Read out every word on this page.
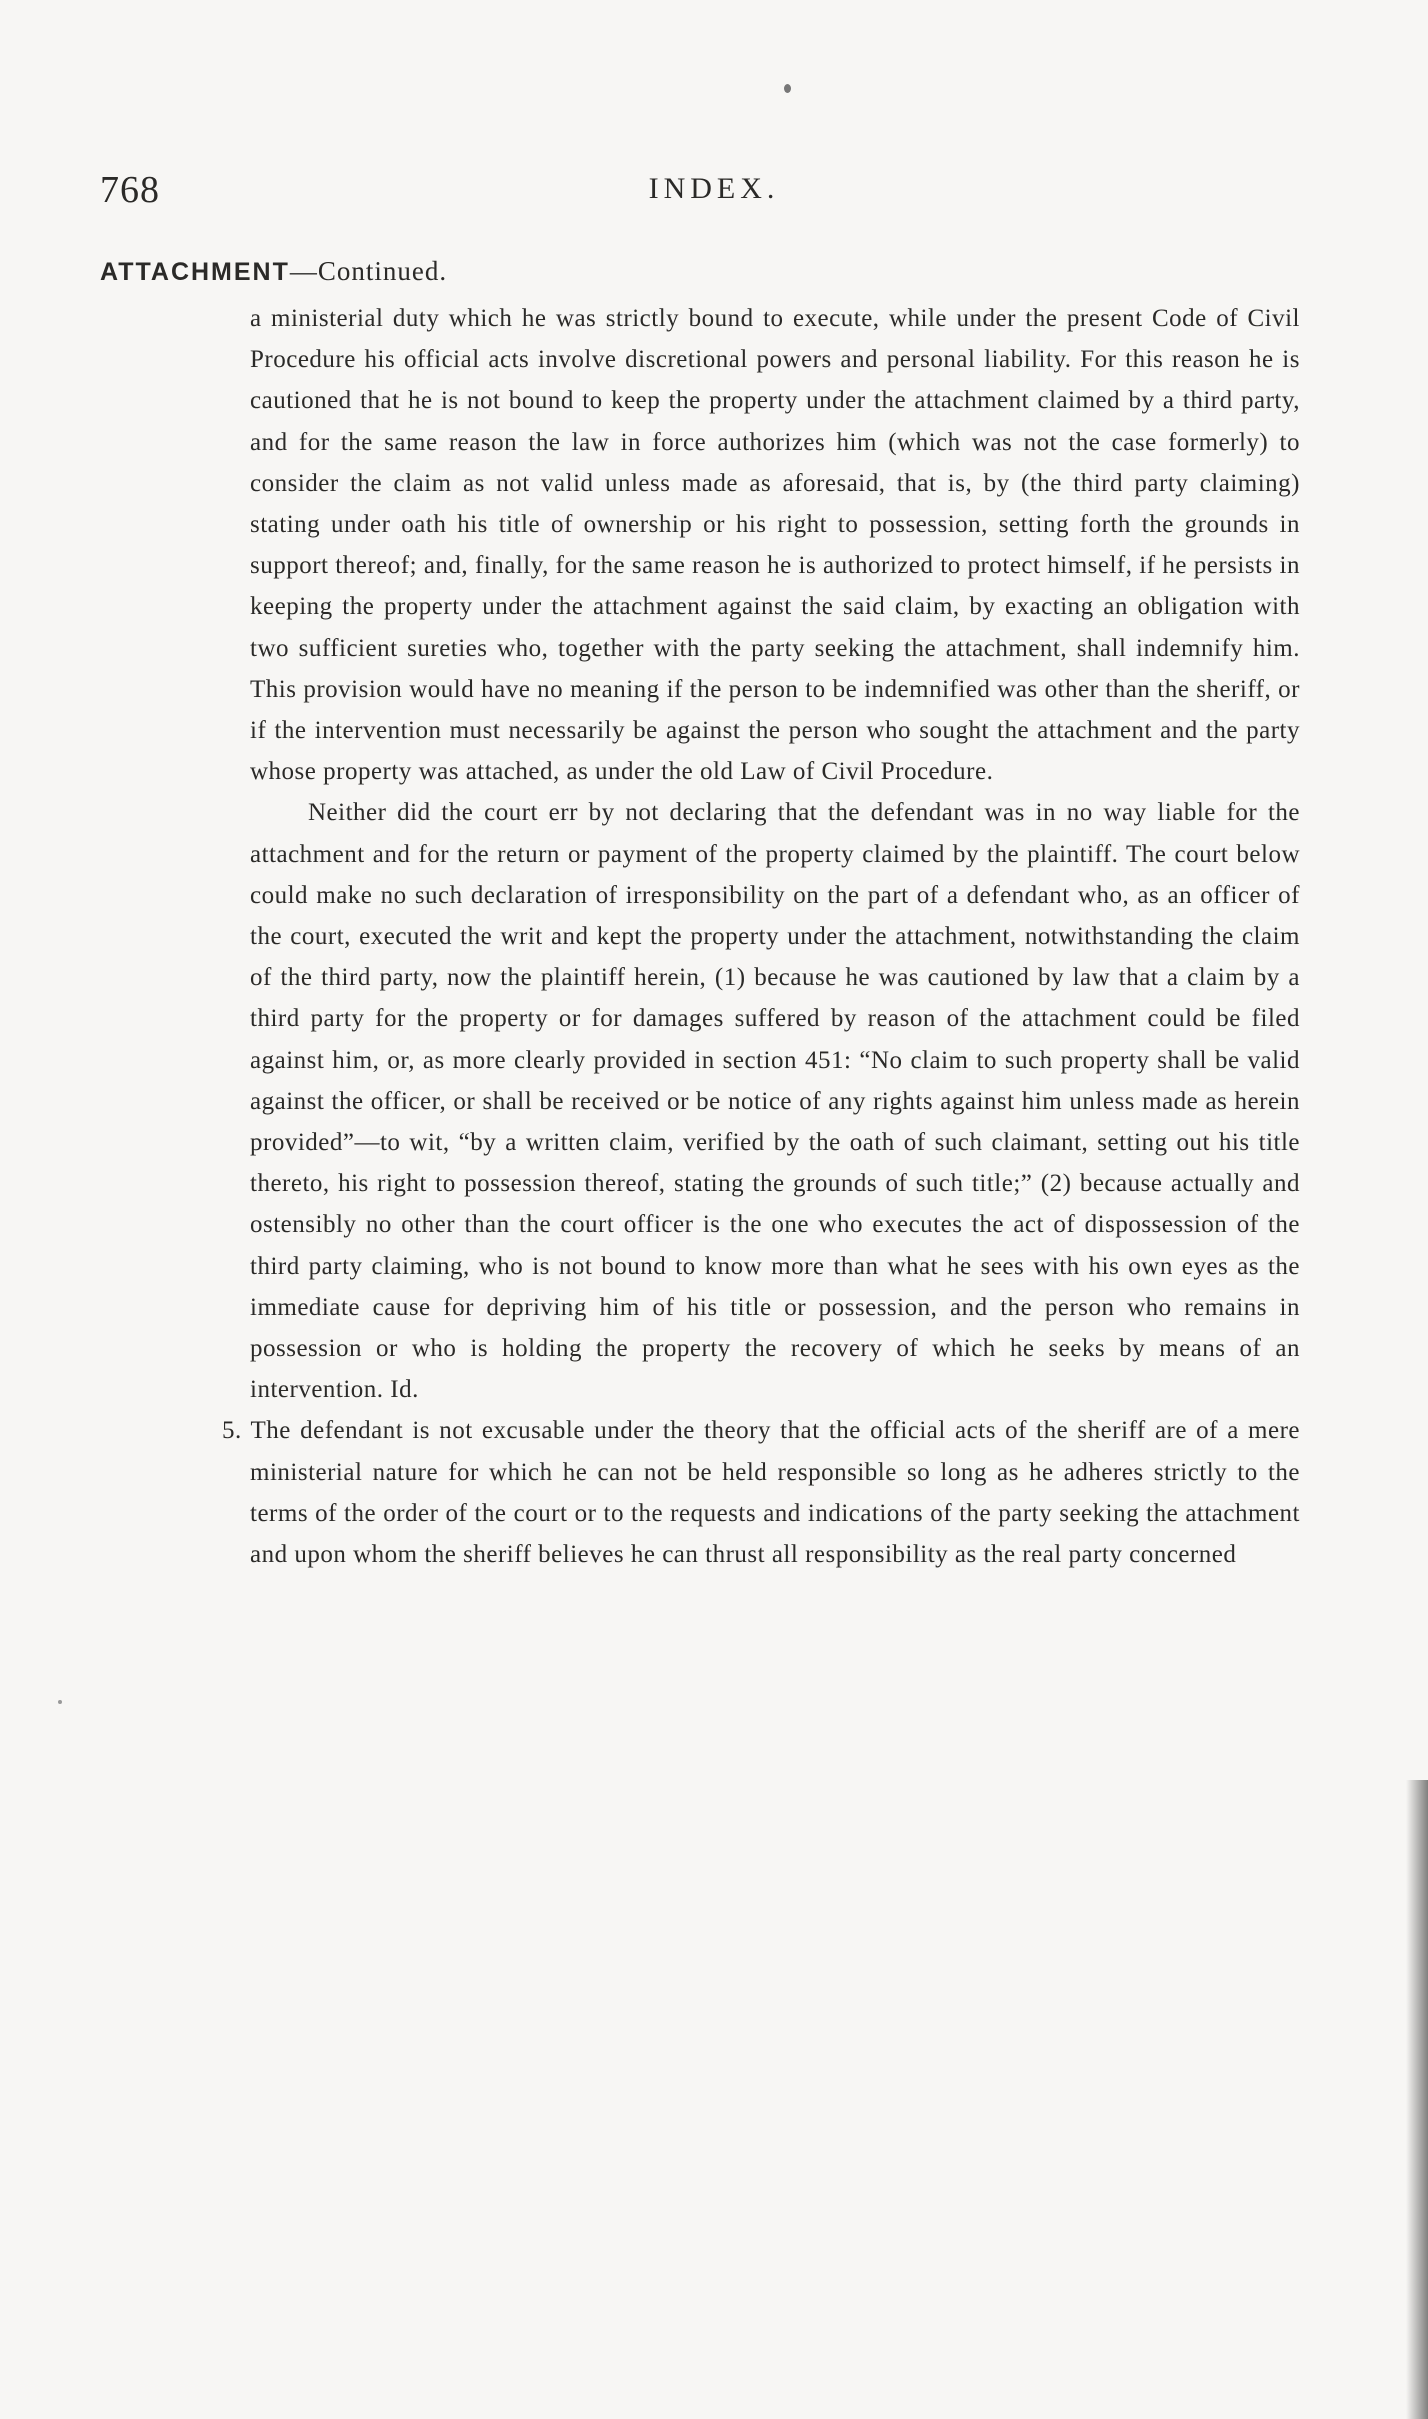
768	INDEX.
ATTACHMENT—Continued.

a ministerial duty which he was strictly bound to execute, while under the present Code of Civil Procedure his official acts involve discretional powers and personal liability. For this reason he is cautioned that he is not bound to keep the property under the attachment claimed by a third party, and for the same reason the law in force authorizes him (which was not the case formerly) to consider the claim as not valid unless made as aforesaid, that is, by (the third party claiming) stating under oath his title of ownership or his right to possession, setting forth the grounds in support thereof; and, finally, for the same reason he is authorized to protect himself, if he persists in keeping the property under the attachment against the said claim, by exacting an obligation with two sufficient sureties who, together with the party seeking the attachment, shall indemnify him. This provision would have no meaning if the person to be indemnified was other than the sheriff, or if the intervention must necessarily be against the person who sought the attachment and the party whose property was attached, as under the old Law of Civil Procedure.

Neither did the court err by not declaring that the defendant was in no way liable for the attachment and for the return or payment of the property claimed by the plaintiff. The court below could make no such declaration of irresponsibility on the part of a defendant who, as an officer of the court, executed the writ and kept the property under the attachment, notwithstanding the claim of the third party, now the plaintiff herein, (1) because he was cautioned by law that a claim by a third party for the property or for damages suffered by reason of the attachment could be filed against him, or, as more clearly provided in section 451: “No claim to such property shall be valid against the officer, or shall be received or be notice of any rights against him unless made as herein provided”—to wit, “by a written claim, verified by the oath of such claimant, setting out his title thereto, his right to possession thereof, stating the grounds of such title;” (2) because actually and ostensibly no other than the court officer is the one who executes the act of dispossession of the third party claiming, who is not bound to know more than what he sees with his own eyes as the immediate cause for depriving him of his title or possession, and the person who remains in possession or who is holding the property the recovery of which he seeks by means of an intervention. Id.

5. The defendant is not excusable under the theory that the official acts of the sheriff are of a mere ministerial nature for which he can not be held responsible so long as he adheres strictly to the terms of the order of the court or to the requests and indications of the party seeking the attachment and upon whom the sheriff believes he can thrust all responsibility as the real party concerned
